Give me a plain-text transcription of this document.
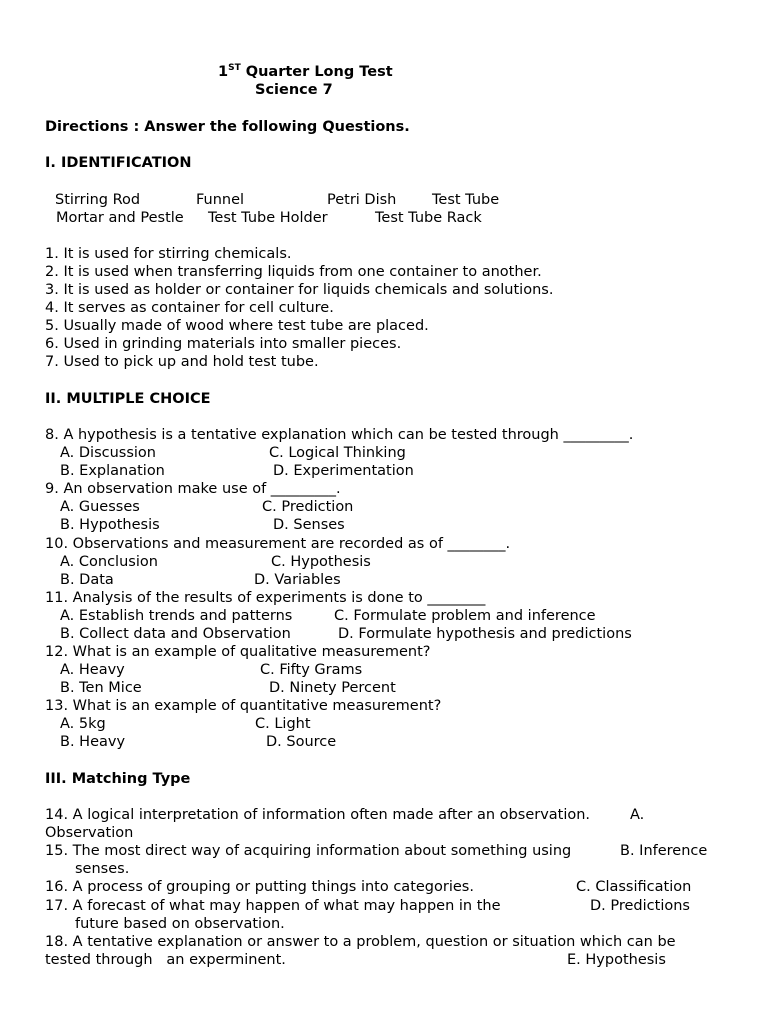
1ST Quarter Long Test
Science 7
Directions : Answer the following Questions.
I. IDENTIFICATION
Stirring Rod	Funnel	Petri Dish Test Tube
Mortar and Pestle Test Tube Holder	Test Tube Rack
1. It is used for stirring chemicals.
2. It is used when transferring liquids from one container to another.
3. It is used as holder or container for liquids chemicals and solutions.
4. It serves as container for cell culture.
5. Usually made of wood where test tube are placed.
6. Used in grinding materials into smaller pieces.
7. Used to pick up and hold test tube.
II. MULTIPLE CHOICE
8. A hypothesis is a tentative explanation which can be tested through _________.
A. Discussion	C. Logical Thinking
B. Explanation	D. Experimentation
9. An observation make use of _________.
A. Guesses	C. Prediction
B. Hypothesis	D. Senses
10. Observations and measurement are recorded as of ________.
A. Conclusion	C. Hypothesis
B. Data	D. Variables
11. Analysis of the results of experiments is done to ________
A. Establish trends and patterns	C. Formulate problem and inference
B. Collect data and Observation	D. Formulate hypothesis and predictions
12. What is an example of qualitative measurement?
A. Heavy	C. Fifty Grams
B. Ten Mice	D. Ninety Percent
13. What is an example of quantitative measurement?
A. 5kg	C. Light
B. Heavy	D. Source
III. Matching Type
14. A logical interpretation of information often made after an observation.	A.
Observation
15. The most direct way of acquiring information about something using	B. Inference
senses.
16. A process of grouping or putting things into categories.	C. Classification
17. A forecast of what may happen of what may happen in the	D. Predictions
future based on observation.
18. A tentative explanation or answer to a problem, question or situation which can be
tested through   an experminent.	E. Hypothesis
